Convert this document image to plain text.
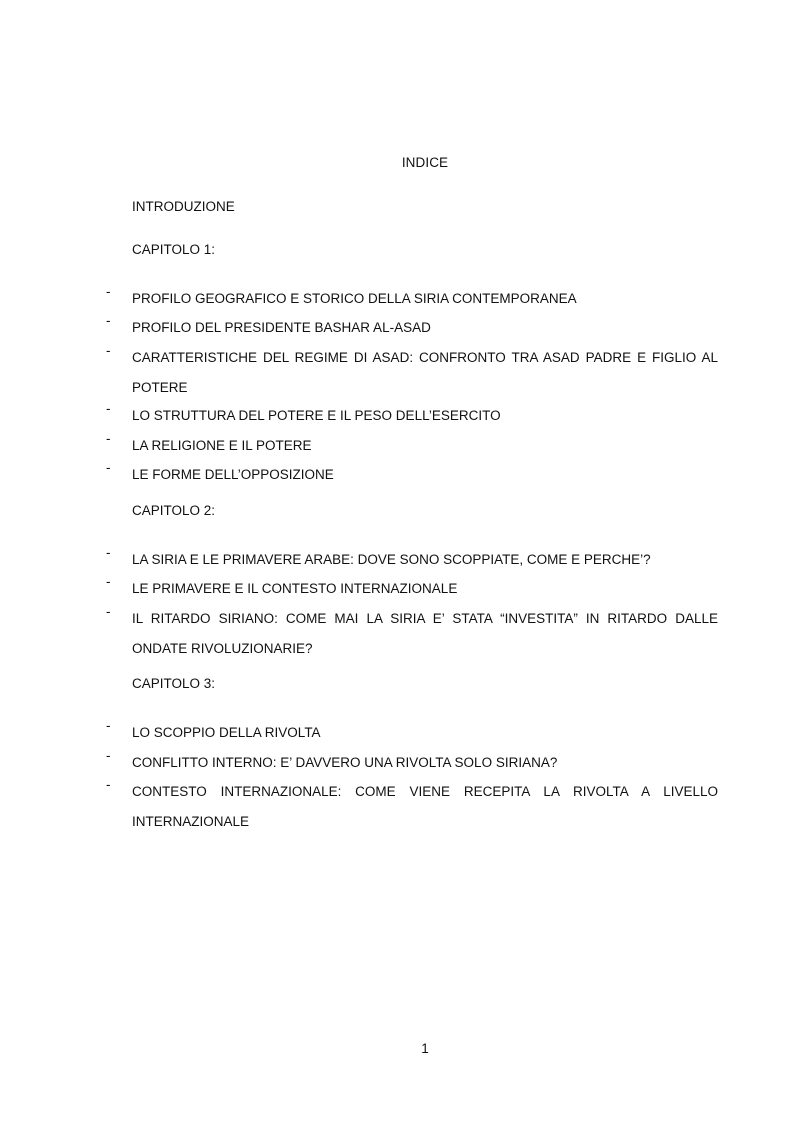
INDICE
INTRODUZIONE
CAPITOLO 1:
- PROFILO GEOGRAFICO E STORICO DELLA SIRIA CONTEMPORANEA
- PROFILO DEL PRESIDENTE BASHAR AL-ASAD
- CARATTERISTICHE DEL REGIME DI ASAD: CONFRONTO TRA ASAD PADRE E FIGLIO AL POTERE
- LO STRUTTURA DEL POTERE E IL PESO DELL’ESERCITO
- LA RELIGIONE E IL POTERE
- LE FORME DELL’OPPOSIZIONE
CAPITOLO 2:
- LA SIRIA E LE PRIMAVERE ARABE: DOVE SONO SCOPPIATE, COME E PERCHE’?
- LE PRIMAVERE E IL CONTESTO INTERNAZIONALE
- IL RITARDO SIRIANO: COME MAI LA SIRIA E’ STATA “INVESTITA” IN RITARDO DALLE ONDATE RIVOLUZIONARIE?
CAPITOLO 3:
- LO SCOPPIO DELLA RIVOLTA
- CONFLITTO INTERNO: E’ DAVVERO UNA RIVOLTA SOLO SIRIANA?
- CONTESTO INTERNAZIONALE: COME VIENE RECEPITA LA RIVOLTA A LIVELLO INTERNAZIONALE
1
